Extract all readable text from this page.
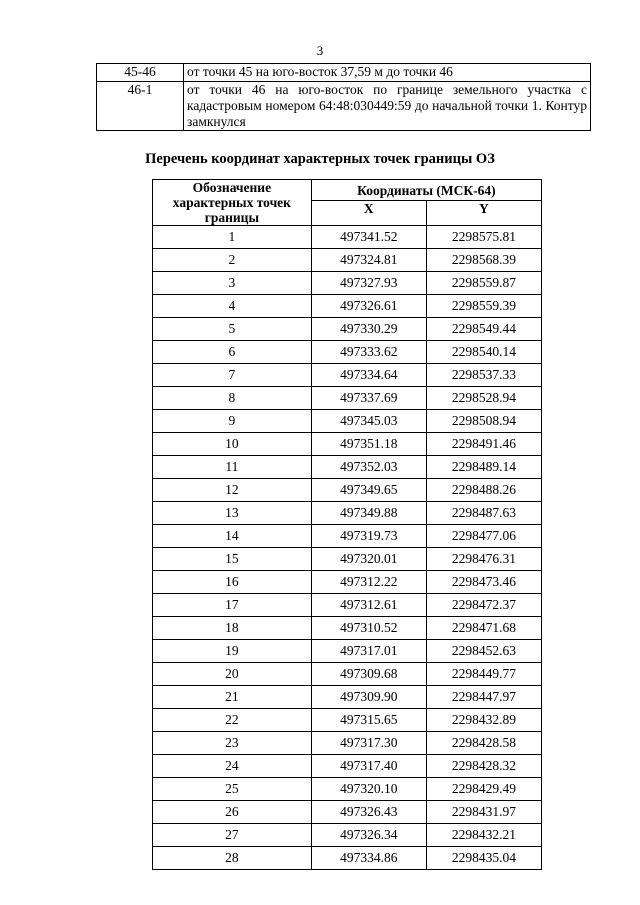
3
45-46	от точки 45 на юго-восток 37,59 м до точки 46
46-1	от точки 46 на юго-восток по границе земельного участка с кадастровым номером 64:48:030449:59 до начальной точки 1. Контур замкнулся
Перечень координат характерных точек границы ОЗ
Обозначение характерных точек границы	Координаты (МСК-64)	
	X	Y
1	497341.52	2298575.81
2	497324.81	2298568.39
3	497327.93	2298559.87
4	497326.61	2298559.39
5	497330.29	2298549.44
6	497333.62	2298540.14
7	497334.64	2298537.33
8	497337.69	2298528.94
9	497345.03	2298508.94
10	497351.18	2298491.46
11	497352.03	2298489.14
12	497349.65	2298488.26
13	497349.88	2298487.63
14	497319.73	2298477.06
15	497320.01	2298476.31
16	497312.22	2298473.46
17	497312.61	2298472.37
18	497310.52	2298471.68
19	497317.01	2298452.63
20	497309.68	2298449.77
21	497309.90	2298447.97
22	497315.65	2298432.89
23	497317.30	2298428.58
24	497317.40	2298428.32
25	497320.10	2298429.49
26	497326.43	2298431.97
27	497326.34	2298432.21
28	497334.86	2298435.04
